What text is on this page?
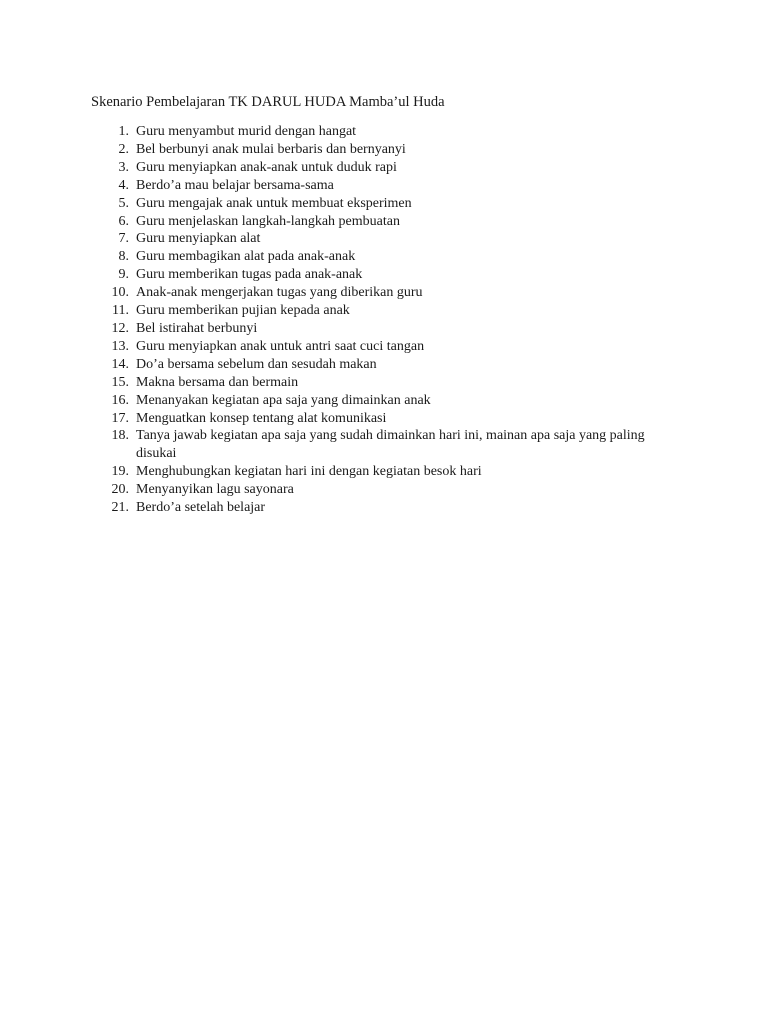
Skenario Pembelajaran TK DARUL HUDA Mamba’ul Huda
1. Guru menyambut murid dengan hangat
2. Bel berbunyi anak mulai berbaris dan bernyanyi
3. Guru menyiapkan anak-anak untuk duduk rapi
4. Berdo’a mau belajar bersama-sama
5. Guru mengajak anak untuk membuat eksperimen
6. Guru menjelaskan langkah-langkah pembuatan
7. Guru menyiapkan alat
8. Guru membagikan alat pada anak-anak
9. Guru memberikan tugas pada anak-anak
10. Anak-anak mengerjakan tugas yang diberikan guru
11. Guru memberikan pujian kepada anak
12. Bel istirahat berbunyi
13. Guru menyiapkan anak untuk antri saat cuci tangan
14. Do’a bersama sebelum dan sesudah makan
15. Makna bersama dan bermain
16. Menanyakan kegiatan apa saja yang dimainkan anak
17. Menguatkan konsep tentang alat komunikasi
18. Tanya jawab kegiatan apa saja yang sudah dimainkan hari ini, mainan apa saja yang paling disukai
19. Menghubungkan kegiatan hari ini dengan kegiatan besok hari
20. Menyanyikan lagu sayonara
21. Berdo’a setelah belajar
